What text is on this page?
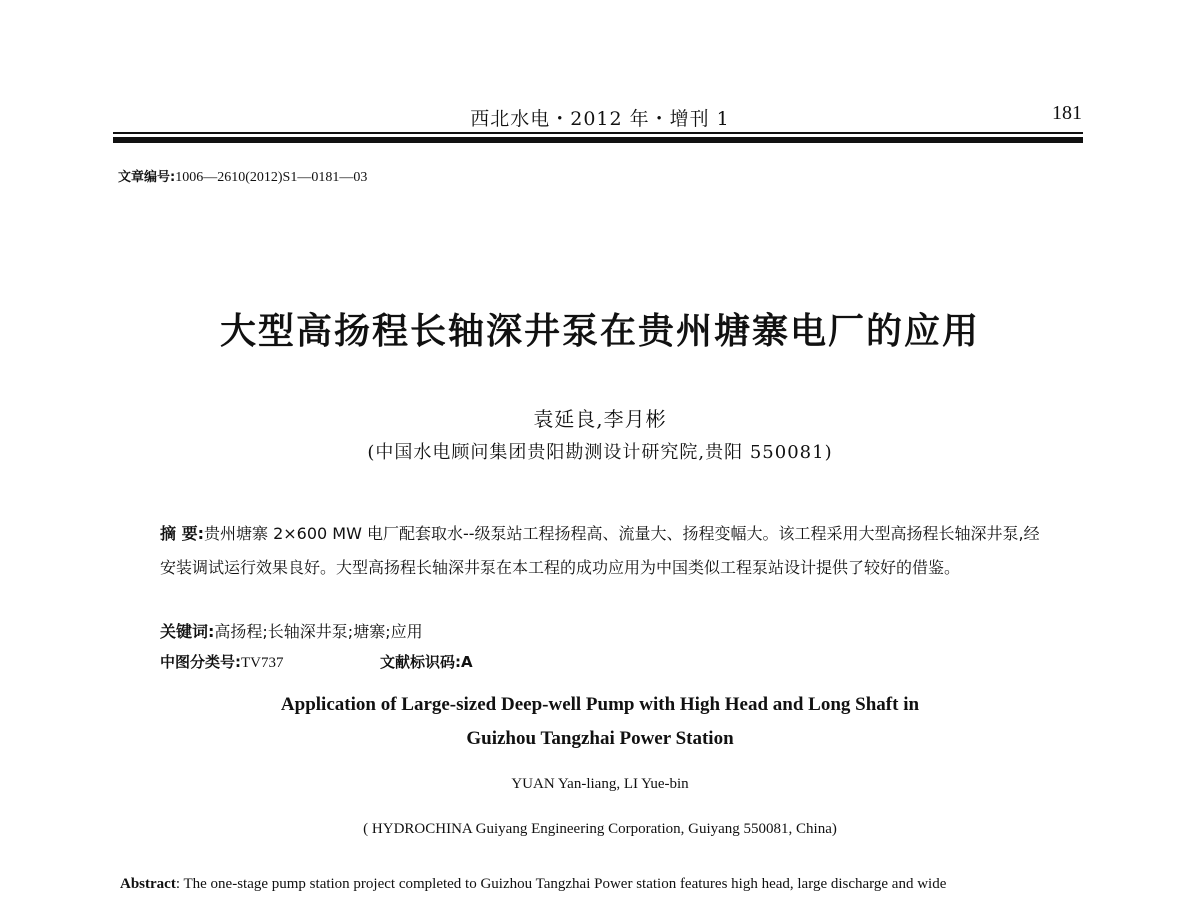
西北水电・2012 年・增刊 1	181
文章编号:1006—2610(2012)S1—0181—03
大型高扬程长轴深井泵在贵州塘寨电厂的应用
袁延良,李月彬
(中国水电顾问集团贵阳勘测设计研究院,贵阳 550081)
摘 要:贵州塘寨 2×600 MW 电厂配套取水--级泵站工程扬程高、流量大、扬程变幅大。该工程采用大型高扬程长轴深井泵,经安装调试运行效果良好。大型高扬程长轴深井泵在本工程的成功应用为中国类似工程泵站设计提供了较好的借鉴。
关键词:高扬程;长轴深井泵;塘寨;应用
中图分类号:TV737	文献标识码:A
Application of Large-sized Deep-well Pump with High Head and Long Shaft in
Guizhou Tangzhai Power Station
YUAN Yan-liang, LI Yue-bin
( HYDROCHINA Guiyang Engineering Corporation, Guiyang 550081, China)
Abstract: The one-stage pump station project completed to Guizhou Tangzhai Power station features high head, large discharge and wide
